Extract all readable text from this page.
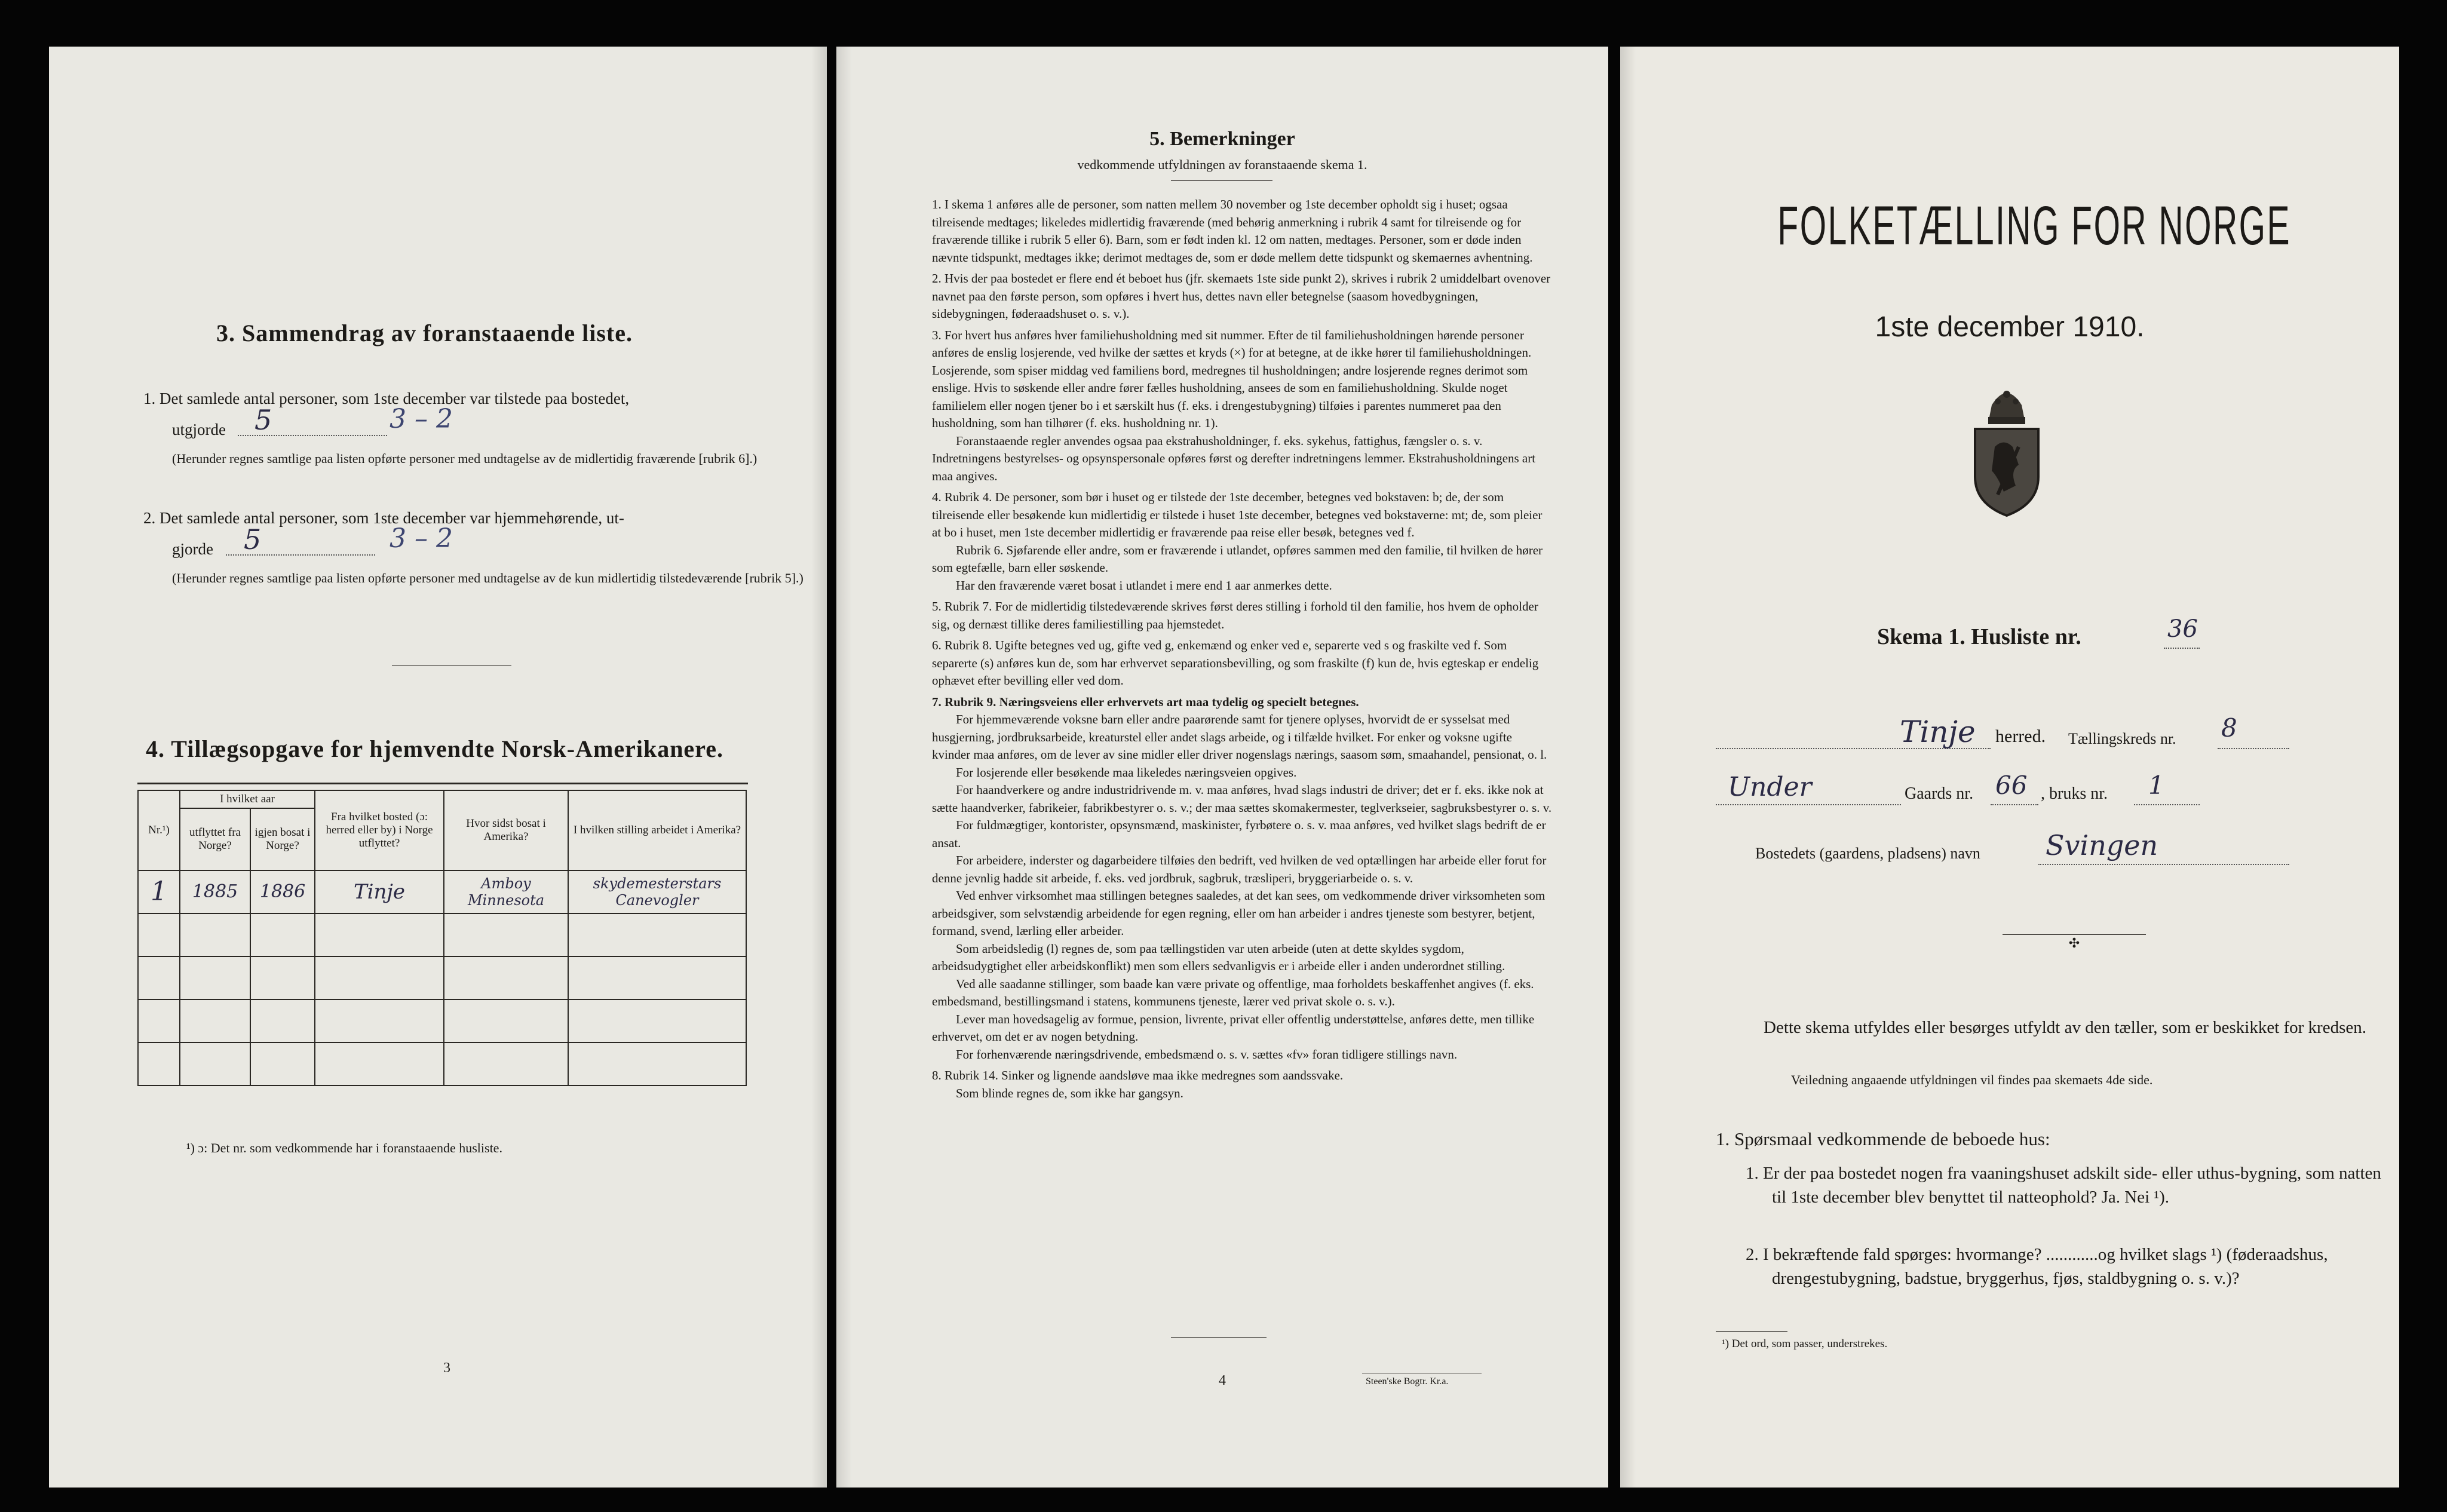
3. Sammendrag av foranstaaende liste.
1. Det samlede antal personer, som 1ste december var tilstede paa bostedet,
utgjorde 5	3 – 2
(Herunder regnes samtlige paa listen opførte personer med undtagelse av de midlertidig fraværende [rubrik 6].)
2. Det samlede antal personer, som 1ste december var hjemmehørende, ut-
gjorde 5	3 – 2
(Herunder regnes samtlige paa listen opførte personer med undtagelse av de kun midlertidig tilstedeværende [rubrik 5].)
4. Tillægsopgave for hjemvendte Norsk-Amerikanere.
Nr.¹)	I hvilket aar		Fra hvilket bosted (ɔ: herred eller by) i Norge utflyttet?	Hvor sidst bosat i Amerika?	I hvilken stilling arbeidet i Amerika?
	utflyttet fra Norge?	igjen bosat i Norge?			
1	1885	1886	Tinje	Amboy Minnesota	skydemesterstars Canevogler

¹) ɔ: Det nr. som vedkommende har i foranstaaende husliste.
3
5. Bemerkninger
vedkommende utfyldningen av foranstaaende skema 1.
1. I skema 1 anføres alle de personer, som natten mellem 30 november og 1ste december opholdt sig i huset; ogsaa tilreisende medtages; likeledes midlertidig fraværende (med behørig anmerkning i rubrik 4 samt for tilreisende og for fraværende tillike i rubrik 5 eller 6). Barn, som er født inden kl. 12 om natten, medtages. Personer, som er døde inden nævnte tidspunkt, medtages ikke; derimot medtages de, som er døde mellem dette tidspunkt og skemaernes avhentning.
2. Hvis der paa bostedet er flere end ét beboet hus (jfr. skemaets 1ste side punkt 2), skrives i rubrik 2 umiddelbart ovenover navnet paa den første person, som opføres i hvert hus, dettes navn eller betegnelse (saasom hovedbygningen, sidebygningen, føderaadshuset o. s. v.).
3. For hvert hus anføres hver familiehusholdning med sit nummer. Efter de til familiehusholdningen hørende personer anføres de enslig losjerende, ved hvilke der sættes et kryds (×) for at betegne, at de ikke hører til familiehusholdningen. Losjerende, som spiser middag ved familiens bord, medregnes til husholdningen; andre losjerende regnes derimot som enslige. Hvis to søskende eller andre fører fælles husholdning, ansees de som en familiehusholdning. Skulde noget familielem eller nogen tjener bo i et særskilt hus (f. eks. i drengestubygning) tilføies i parentes nummeret paa den husholdning, som han tilhører (f. eks. husholdning nr. 1).
Foranstaaende regler anvendes ogsaa paa ekstrahusholdninger, f. eks. sykehus, fattighus, fængsler o. s. v. Indretningens bestyrelses- og opsynspersonale opføres først og derefter indretningens lemmer. Ekstrahusholdningens art maa angives.
4. Rubrik 4. De personer, som bør i huset og er tilstede der 1ste december, betegnes ved bokstaven: b; de, der som tilreisende eller besøkende kun midlertidig er tilstede i huset 1ste december, betegnes ved bokstaverne: mt; de, som pleier at bo i huset, men 1ste december midlertidig er fraværende paa reise eller besøk, betegnes ved f.
Rubrik 6. Sjøfarende eller andre, som er fraværende i utlandet, opføres sammen med den familie, til hvilken de hører som egtefælle, barn eller søskende.
Har den fraværende været bosat i utlandet i mere end 1 aar anmerkes dette.
5. Rubrik 7. For de midlertidig tilstedeværende skrives først deres stilling i forhold til den familie, hos hvem de opholder sig, og dernæst tillike deres familiestilling paa hjemstedet.
6. Rubrik 8. Ugifte betegnes ved ug, gifte ved g, enkemænd og enker ved e, separerte ved s og fraskilte ved f. Som separerte (s) anføres kun de, som har erhvervet separationsbevilling, og som fraskilte (f) kun de, hvis egteskap er endelig ophævet efter bevilling eller ved dom.
7. Rubrik 9. Næringsveiens eller erhvervets art maa tydelig og specielt betegnes.
For hjemmeværende voksne barn eller andre paarørende samt for tjenere oplyses, hvorvidt de er sysselsat med husgjerning, jordbruksarbeide, kreaturstel eller andet slags arbeide, og i tilfælde hvilket. For enker og voksne ugifte kvinder maa anføres, om de lever av sine midler eller driver nogenslags nærings, saasom søm, smaahandel, pensionat, o. l.
For losjerende eller besøkende maa likeledes næringsveien opgives.
For haandverkere og andre industridrivende m. v. maa anføres, hvad slags industri de driver; det er f. eks. ikke nok at sætte haandverker, fabrikeier, fabrikbestyrer o. s. v.; der maa sættes skomakermester, teglverkseier, sagbruksbestyrer o. s. v.
For fuldmægtiger, kontorister, opsynsmænd, maskinister, fyrbøtere o. s. v. maa anføres, ved hvilket slags bedrift de er ansat.
For arbeidere, inderster og dagarbeidere tilføies den bedrift, ved hvilken de ved optællingen har arbeide eller forut for denne jevnlig hadde sit arbeide, f. eks. ved jordbruk, sagbruk, træsliperi, bryggeriarbeide o. s. v.
Ved enhver virksomhet maa stillingen betegnes saaledes, at det kan sees, om vedkommende driver virksomheten som arbeidsgiver, som selvstændig arbeidende for egen regning, eller om han arbeider i andres tjeneste som bestyrer, betjent, formand, svend, lærling eller arbeider.
Som arbeidsledig (l) regnes de, som paa tællingstiden var uten arbeide (uten at dette skyldes sygdom, arbeidsudygtighet eller arbeidskonflikt) men som ellers sedvanligvis er i arbeide eller i anden underordnet stilling.
Ved alle saadanne stillinger, som baade kan være private og offentlige, maa forholdets beskaffenhet angives (f. eks. embedsmand, bestillingsmand i statens, kommunens tjeneste, lærer ved privat skole o. s. v.).
Lever man hovedsagelig av formue, pension, livrente, privat eller offentlig understøttelse, anføres dette, men tillike erhvervet, om det er av nogen betydning.
For forhenværende næringsdrivende, embedsmænd o. s. v. sættes «fv» foran tidligere stillings navn.
8. Rubrik 14. Sinker og lignende aandsløve maa ikke medregnes som aandssvake.
Som blinde regnes de, som ikke har gangsyn.
4	Steen'ske Bogtr. Kr.a.
FOLKETÆLLING FOR NORGE
1ste december 1910.
Skema 1. Husliste nr.	36
Tinje herred. Tællingskreds nr. 8
Under	Gaards nr. 66 , bruks nr. 1
Bostedets (gaardens, pladsens) navn Svingen
✣
Dette skema utfyldes eller besørges utfyldt av den tæller, som er beskikket for kredsen.
Veiledning angaaende utfyldningen vil findes paa skemaets 4de side.
1. Spørsmaal vedkommende de beboede hus:
1. Er der paa bostedet nogen fra vaaningshuset adskilt side- eller uthus-bygning, som natten til 1ste december blev benyttet til natteophold? Ja. Nei ¹).
2. I bekræftende fald spørges: hvormange? ............og hvilket slags ¹) (føderaadshus, drengestubygning, badstue, bryggerhus, fjøs, staldbygning o. s. v.)?
¹) Det ord, som passer, understrekes.
